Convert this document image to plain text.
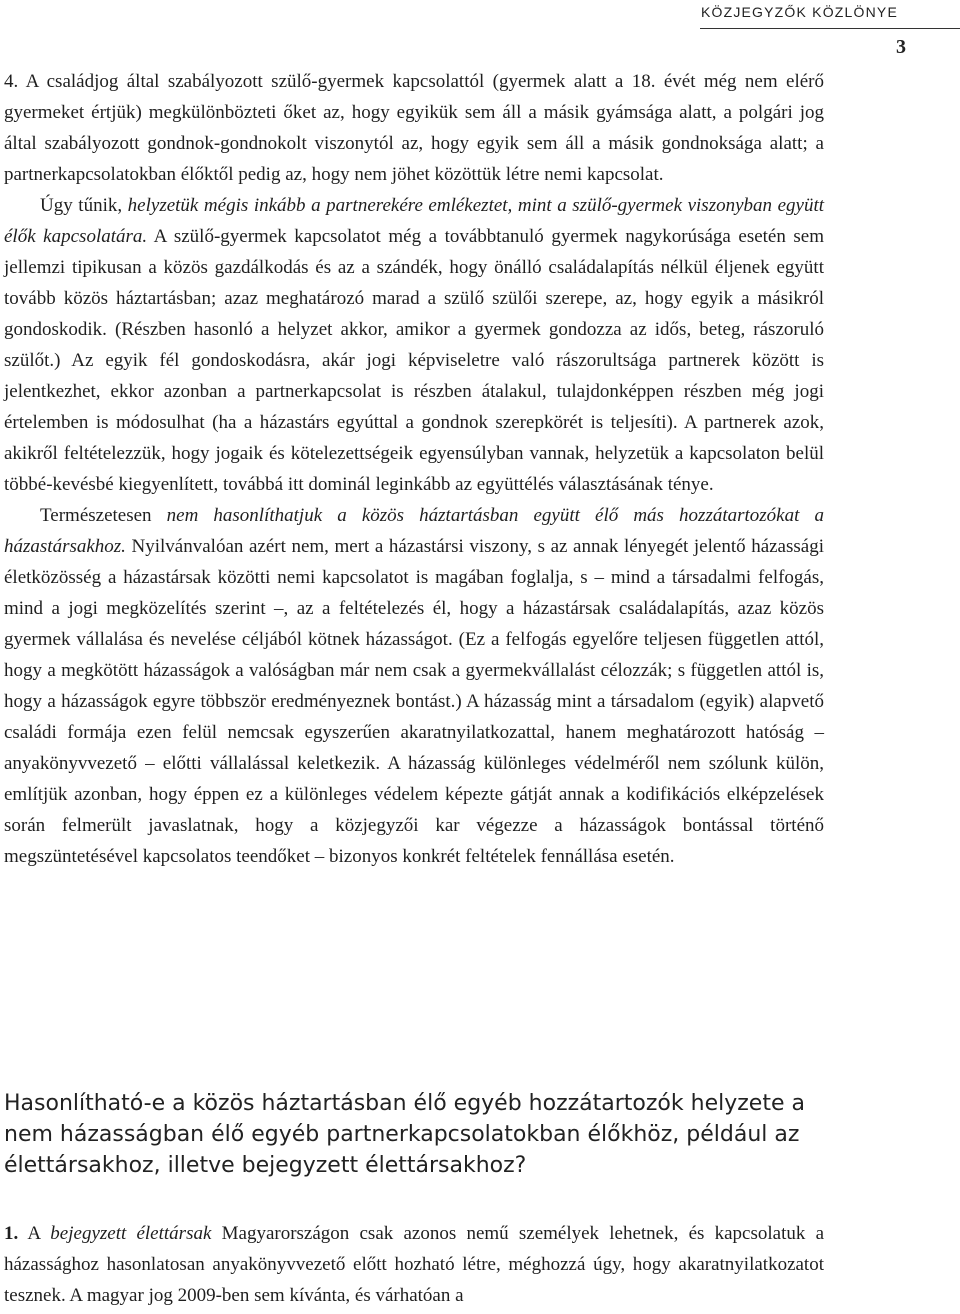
KÖZJEGYZŐK KÖZLÖNYE
3

4. A családjog által szabályozott szülő-gyermek kapcsolattól (gyermek alatt a 18. évét még nem elérő gyermeket értjük) megkülönbözteti őket az, hogy egyikük sem áll a másik gyámsága alatt, a polgári jog által szabályozott gondnok-gondnokolt viszonytól az, hogy egyik sem áll a másik gondnoksága alatt; a partnerkapcsolatokban élőktől pedig az, hogy nem jöhet közöttük létre nemi kapcsolat.

Úgy tűnik, helyzetük mégis inkább a partnerekére emlékeztet, mint a szülő-gyermek viszonyban együtt élők kapcsolatára. A szülő-gyermek kapcsolatot még a továbbtanuló gyermek nagykorúsága esetén sem jellemzi tipikusan a közös gazdálkodás és az a szándék, hogy önálló családalapítás nélkül éljenek együtt tovább közös háztartásban; azaz meghatározó marad a szülő szülői szerepe, az, hogy egyik a másikról gondoskodik. (Részben hasonló a helyzet akkor, amikor a gyermek gondozza az idős, beteg, rászoruló szülőt.) Az egyik fél gondoskodásra, akár jogi képviseletre való rászorultsága partnerek között is jelentkezhet, ekkor azonban a partnerkapcsolat is részben átalakul, tulajdonképpen részben még jogi értelemben is módosulhat (ha a házastárs egyúttal a gondnok szerepkörét is teljesíti). A partnerek azok, akikről feltételezzük, hogy jogaik és kötelezettségeik egyensúlyban vannak, helyzetük a kapcsolaton belül többé-kevésbé kiegyenlített, továbbá itt dominál leginkább az együttélés választásának ténye.

Természetesen nem hasonlíthatjuk a közös háztartásban együtt élő más hozzátartozókat a házastársakhoz. Nyilvánvalóan azért nem, mert a házastársi viszony, s az annak lényegét jelentő házassági életközösség a házastársak közötti nemi kapcsolatot is magában foglalja, s – mind a társadalmi felfogás, mind a jogi megközelítés szerint –, az a feltételezés él, hogy a házastársak családalapítás, azaz közös gyermek vállalása és nevelése céljából kötnek házasságot. (Ez a felfogás egyelőre teljesen független attól, hogy a megkötött házasságok a valóságban már nem csak a gyermekvállalást célozzák; s független attól is, hogy a házasságok egyre többször eredményeznek bontást.) A házasság mint a társadalom (egyik) alapvető családi formája ezen felül nemcsak egyszerűen akaratnyilatkozattal, hanem meghatározott hatóság – anyakönyvvezető – előtti vállalással keletkezik. A házasság különleges védelméről nem szólunk külön, említjük azonban, hogy éppen ez a különleges védelem képezte gátját annak a kodifikációs elképzelések során felmerült javaslatnak, hogy a közjegyzői kar végezze a házasságok bontással történő megszüntetésével kapcsolatos teendőket – bizonyos konkrét feltételek fennállása esetén.

Hasonlítható-e a közös háztartásban élő egyéb hozzátartozók helyzete a nem házasságban élő egyéb partnerkapcsolatokban élőkhöz, például az élettársakhoz, illetve bejegyzett élettársakhoz?

1. A bejegyzett élettársak Magyarországon csak azonos nemű személyek lehetnek, és kapcsolatuk a házassághoz hasonlatosan anyakönyvvezető előtt hozható létre, méghozzá úgy, hogy akaratnyilatkozatot tesznek. A magyar jog 2009-ben sem kívánta, és várhatóan a
